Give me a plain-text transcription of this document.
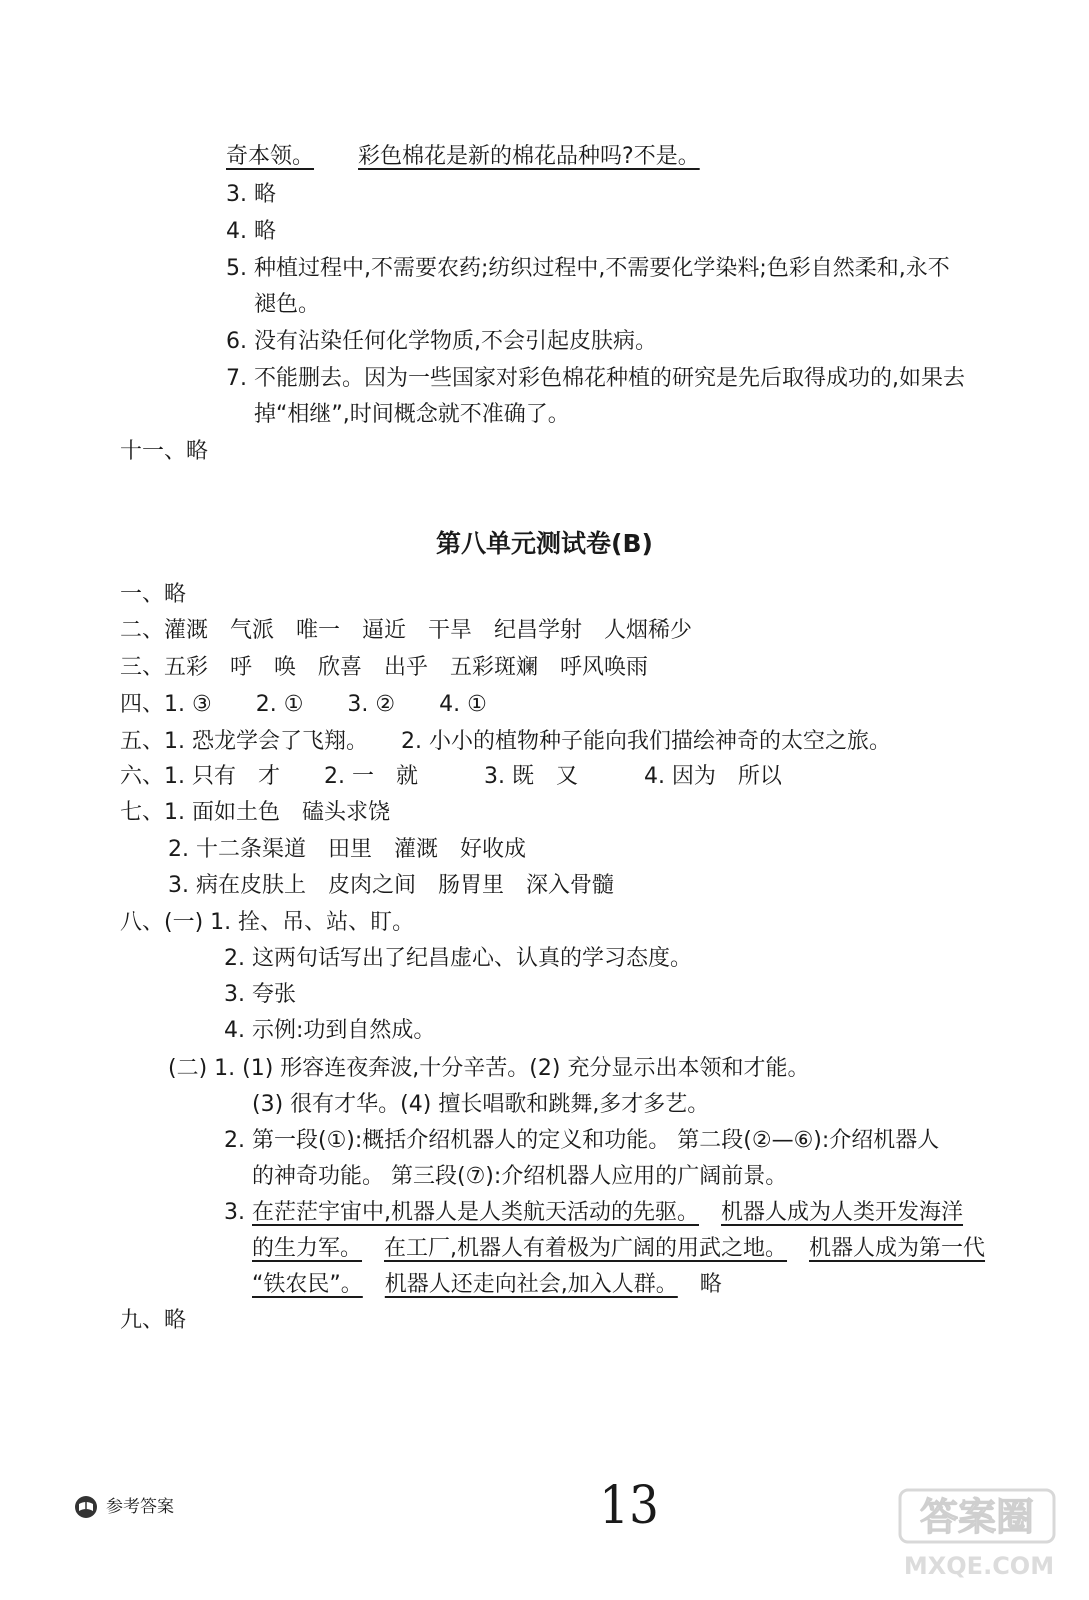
奇本领。 彩色棉花是新的棉花品种吗?不是。
3. 略
4. 略
5. 种植过程中,不需要农药;纺织过程中,不需要化学染料;色彩自然柔和,永不
褪色。
6. 没有沾染任何化学物质,不会引起皮肤病。
7. 不能删去。因为一些国家对彩色棉花种植的研究是先后取得成功的,如果去
掉“相继”,时间概念就不准确了。
十一、略
第八单元测试卷(B)
一、略
二、灌溉　气派　唯一　逼近　干旱　纪昌学射　人烟稀少
三、五彩　呼　唤　欣喜　出乎　五彩斑斓　呼风唤雨
四、1. ③　　2. ①　　3. ②　　4. ①
五、1. 恐龙学会了飞翔。　　2. 小小的植物种子能向我们描绘神奇的太空之旅。
六、1. 只有　才　　2. 一　就　　　3. 既　又　　　4. 因为　所以
七、1. 面如土色　磕头求饶
2. 十二条渠道　田里　灌溉　好收成
3. 病在皮肤上　皮肉之间　肠胃里　深入骨髓
八、(一) 1. 拴、吊、站、盯。
2. 这两句话写出了纪昌虚心、认真的学习态度。
3. 夸张
4. 示例:功到自然成。
(二) 1. (1) 形容连夜奔波,十分辛苦。(2) 充分显示出本领和才能。
(3) 很有才华。(4) 擅长唱歌和跳舞,多才多艺。
2. 第一段(①):概括介绍机器人的定义和功能。 第二段(②—⑥):介绍机器人
的神奇功能。 第三段(⑦):介绍机器人应用的广阔前景。
3. 在茫茫宇宙中,机器人是人类航天活动的先驱。 机器人成为人类开发海洋
的生力军。 在工厂,机器人有着极为广阔的用武之地。 机器人成为第一代
“铁农民”。 机器人还走向社会,加入人群。 略
九、略
参考答案	13	答案圈
MXQE.COM
